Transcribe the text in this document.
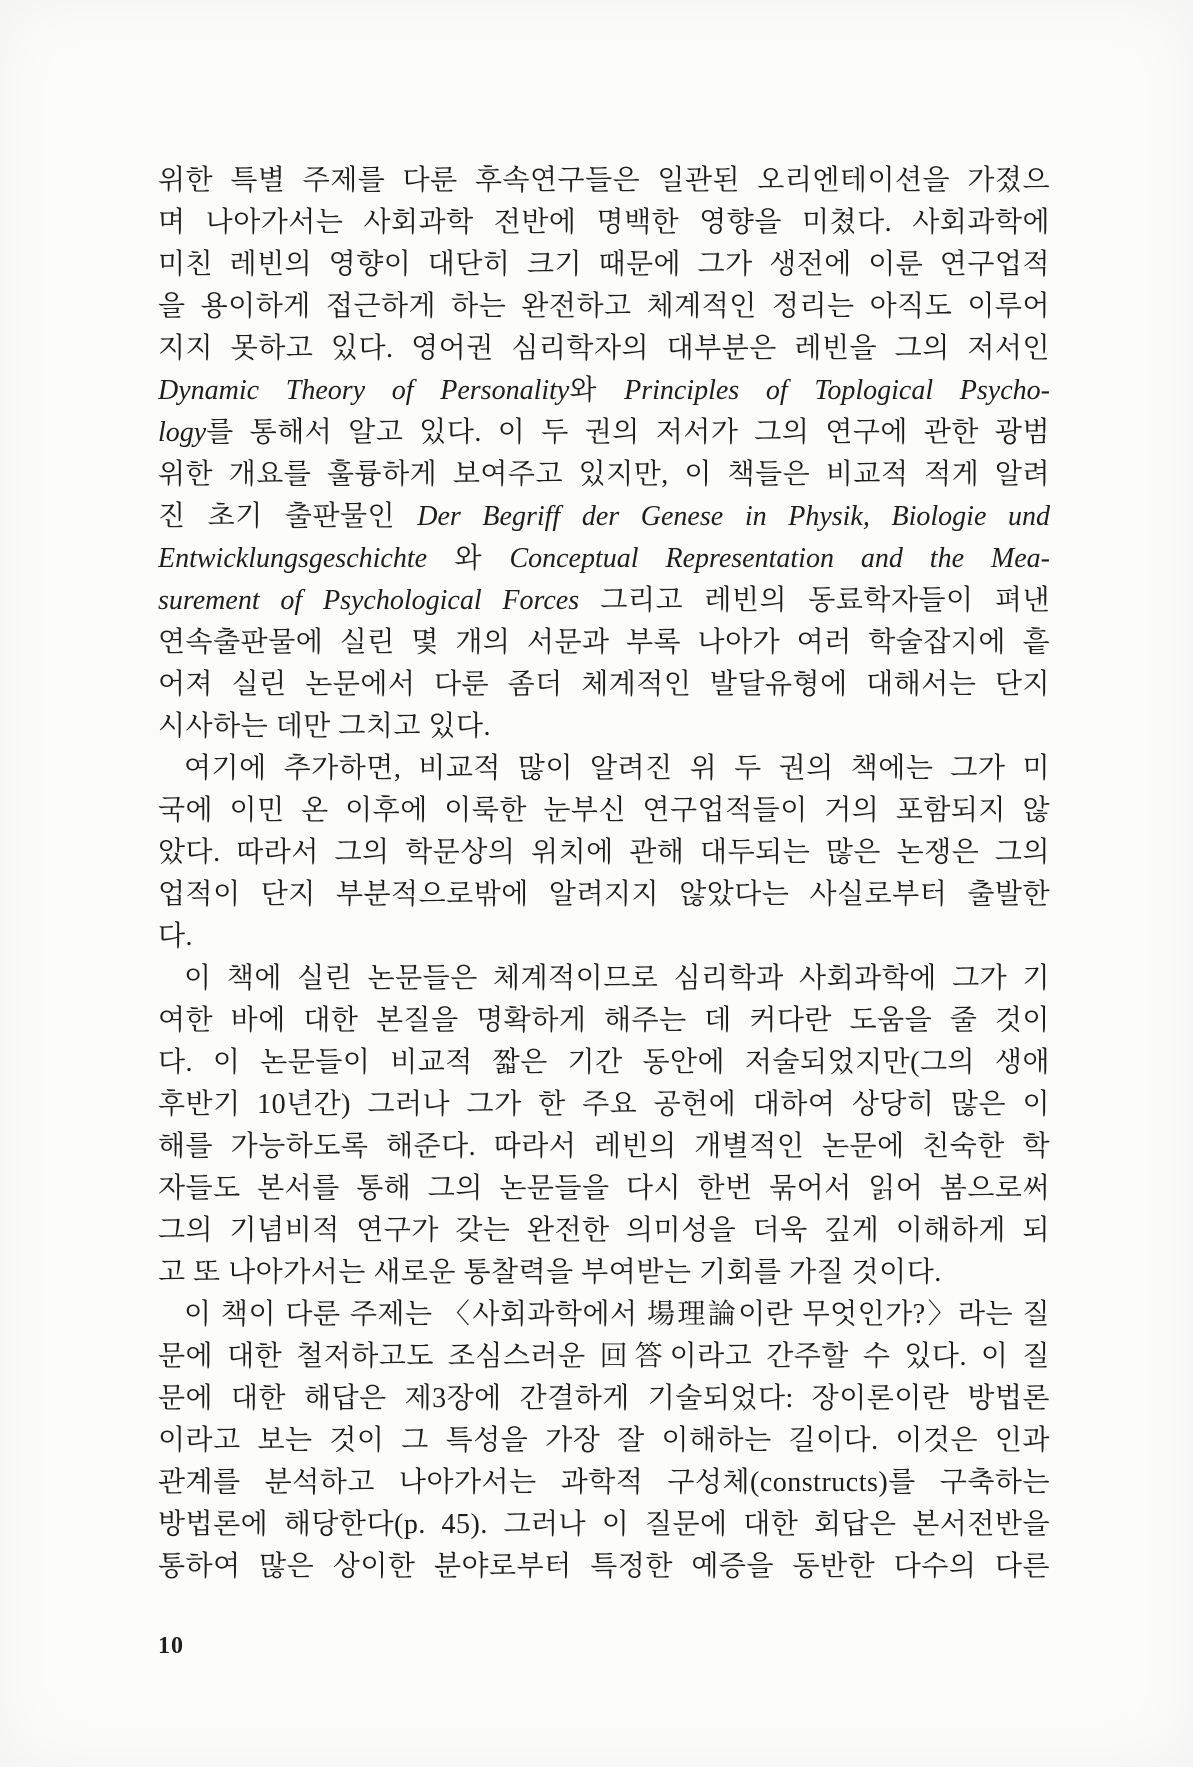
위한 특별 주제를 다룬 후속연구들은 일관된 오리엔테이션을 가졌으
며 나아가서는 사회과학 전반에 명백한 영향을 미쳤다. 사회과학에
미친 레빈의 영향이 대단히 크기 때문에 그가 생전에 이룬 연구업적
을 용이하게 접근하게 하는 완전하고 체계적인 정리는 아직도 이루어
지지 못하고 있다. 영어권 심리학자의 대부분은 레빈을 그의 저서인
Dynamic Theory of Personality와 Principles of Toplogical Psycho-
logy를 통해서 알고 있다. 이 두 권의 저서가 그의 연구에 관한 광범
위한 개요를 훌륭하게 보여주고 있지만, 이 책들은 비교적 적게 알려
진 초기 출판물인 Der Begriff der Genese in Physik, Biologie und
Entwicklungsgeschichte 와 Conceptual Representation and the Mea-
surement of Psychological Forces 그리고 레빈의 동료학자들이 펴낸
연속출판물에 실린 몇 개의 서문과 부록 나아가 여러 학술잡지에 흩
어져 실린 논문에서 다룬 좀더 체계적인 발달유형에 대해서는 단지
시사하는 데만 그치고 있다.
여기에 추가하면, 비교적 많이 알려진 위 두 권의 책에는 그가 미
국에 이민 온 이후에 이룩한 눈부신 연구업적들이 거의 포함되지 않
았다. 따라서 그의 학문상의 위치에 관해 대두되는 많은 논쟁은 그의
업적이 단지 부분적으로밖에 알려지지 않았다는 사실로부터 출발한
다.
이 책에 실린 논문들은 체계적이므로 심리학과 사회과학에 그가 기
여한 바에 대한 본질을 명확하게 해주는 데 커다란 도움을 줄 것이
다. 이 논문들이 비교적 짧은 기간 동안에 저술되었지만(그의 생애
후반기 10년간) 그러나 그가 한 주요 공헌에 대하여 상당히 많은 이
해를 가능하도록 해준다. 따라서 레빈의 개별적인 논문에 친숙한 학
자들도 본서를 통해 그의 논문들을 다시 한번 묶어서 읽어 봄으로써
그의 기념비적 연구가 갖는 완전한 의미성을 더욱 깊게 이해하게 되
고 또 나아가서는 새로운 통찰력을 부여받는 기회를 가질 것이다.
이 책이 다룬 주제는 〈사회과학에서 場理論이란 무엇인가?〉라는 질
문에 대한 철저하고도 조심스러운 回答이라고 간주할 수 있다. 이 질
문에 대한 해답은 제3장에 간결하게 기술되었다: 장이론이란 방법론
이라고 보는 것이 그 특성을 가장 잘 이해하는 길이다. 이것은 인과
관계를 분석하고 나아가서는 과학적 구성체(constructs)를 구축하는
방법론에 해당한다(p. 45). 그러나 이 질문에 대한 회답은 본서전반을
통하여 많은 상이한 분야로부터 특정한 예증을 동반한 다수의 다른
10
